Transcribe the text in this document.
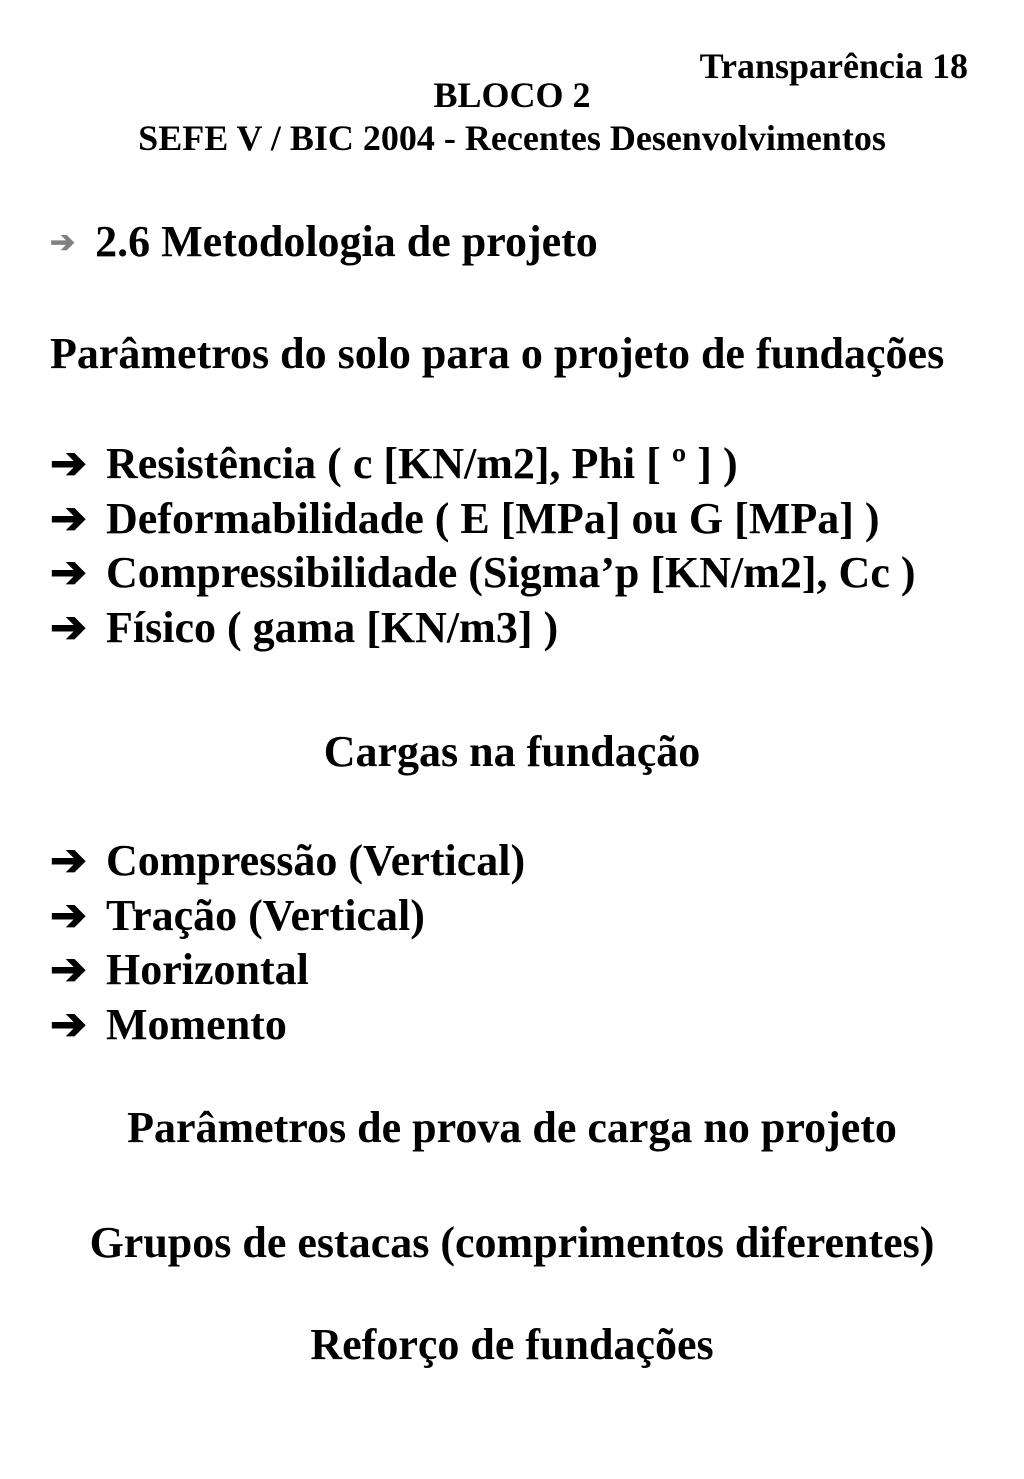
Transparência 18
BLOCO 2
SEFE V / BIC 2004 - Recentes Desenvolvimentos
➔ 2.6 Metodologia de projeto
Parâmetros do solo para o projeto de fundações
➔ Resistência ( c [KN/m2], Phi [ º ] )
➔ Deformabilidade ( E [MPa] ou G [MPa] )
➔ Compressibilidade (Sigma’p [KN/m2], Cc )
➔ Físico ( gama [KN/m3] )
Cargas na fundação
➔ Compressão (Vertical)
➔ Tração (Vertical)
➔ Horizontal
➔ Momento
Parâmetros de prova de carga no projeto
Grupos de estacas (comprimentos diferentes)
Reforço de fundações
